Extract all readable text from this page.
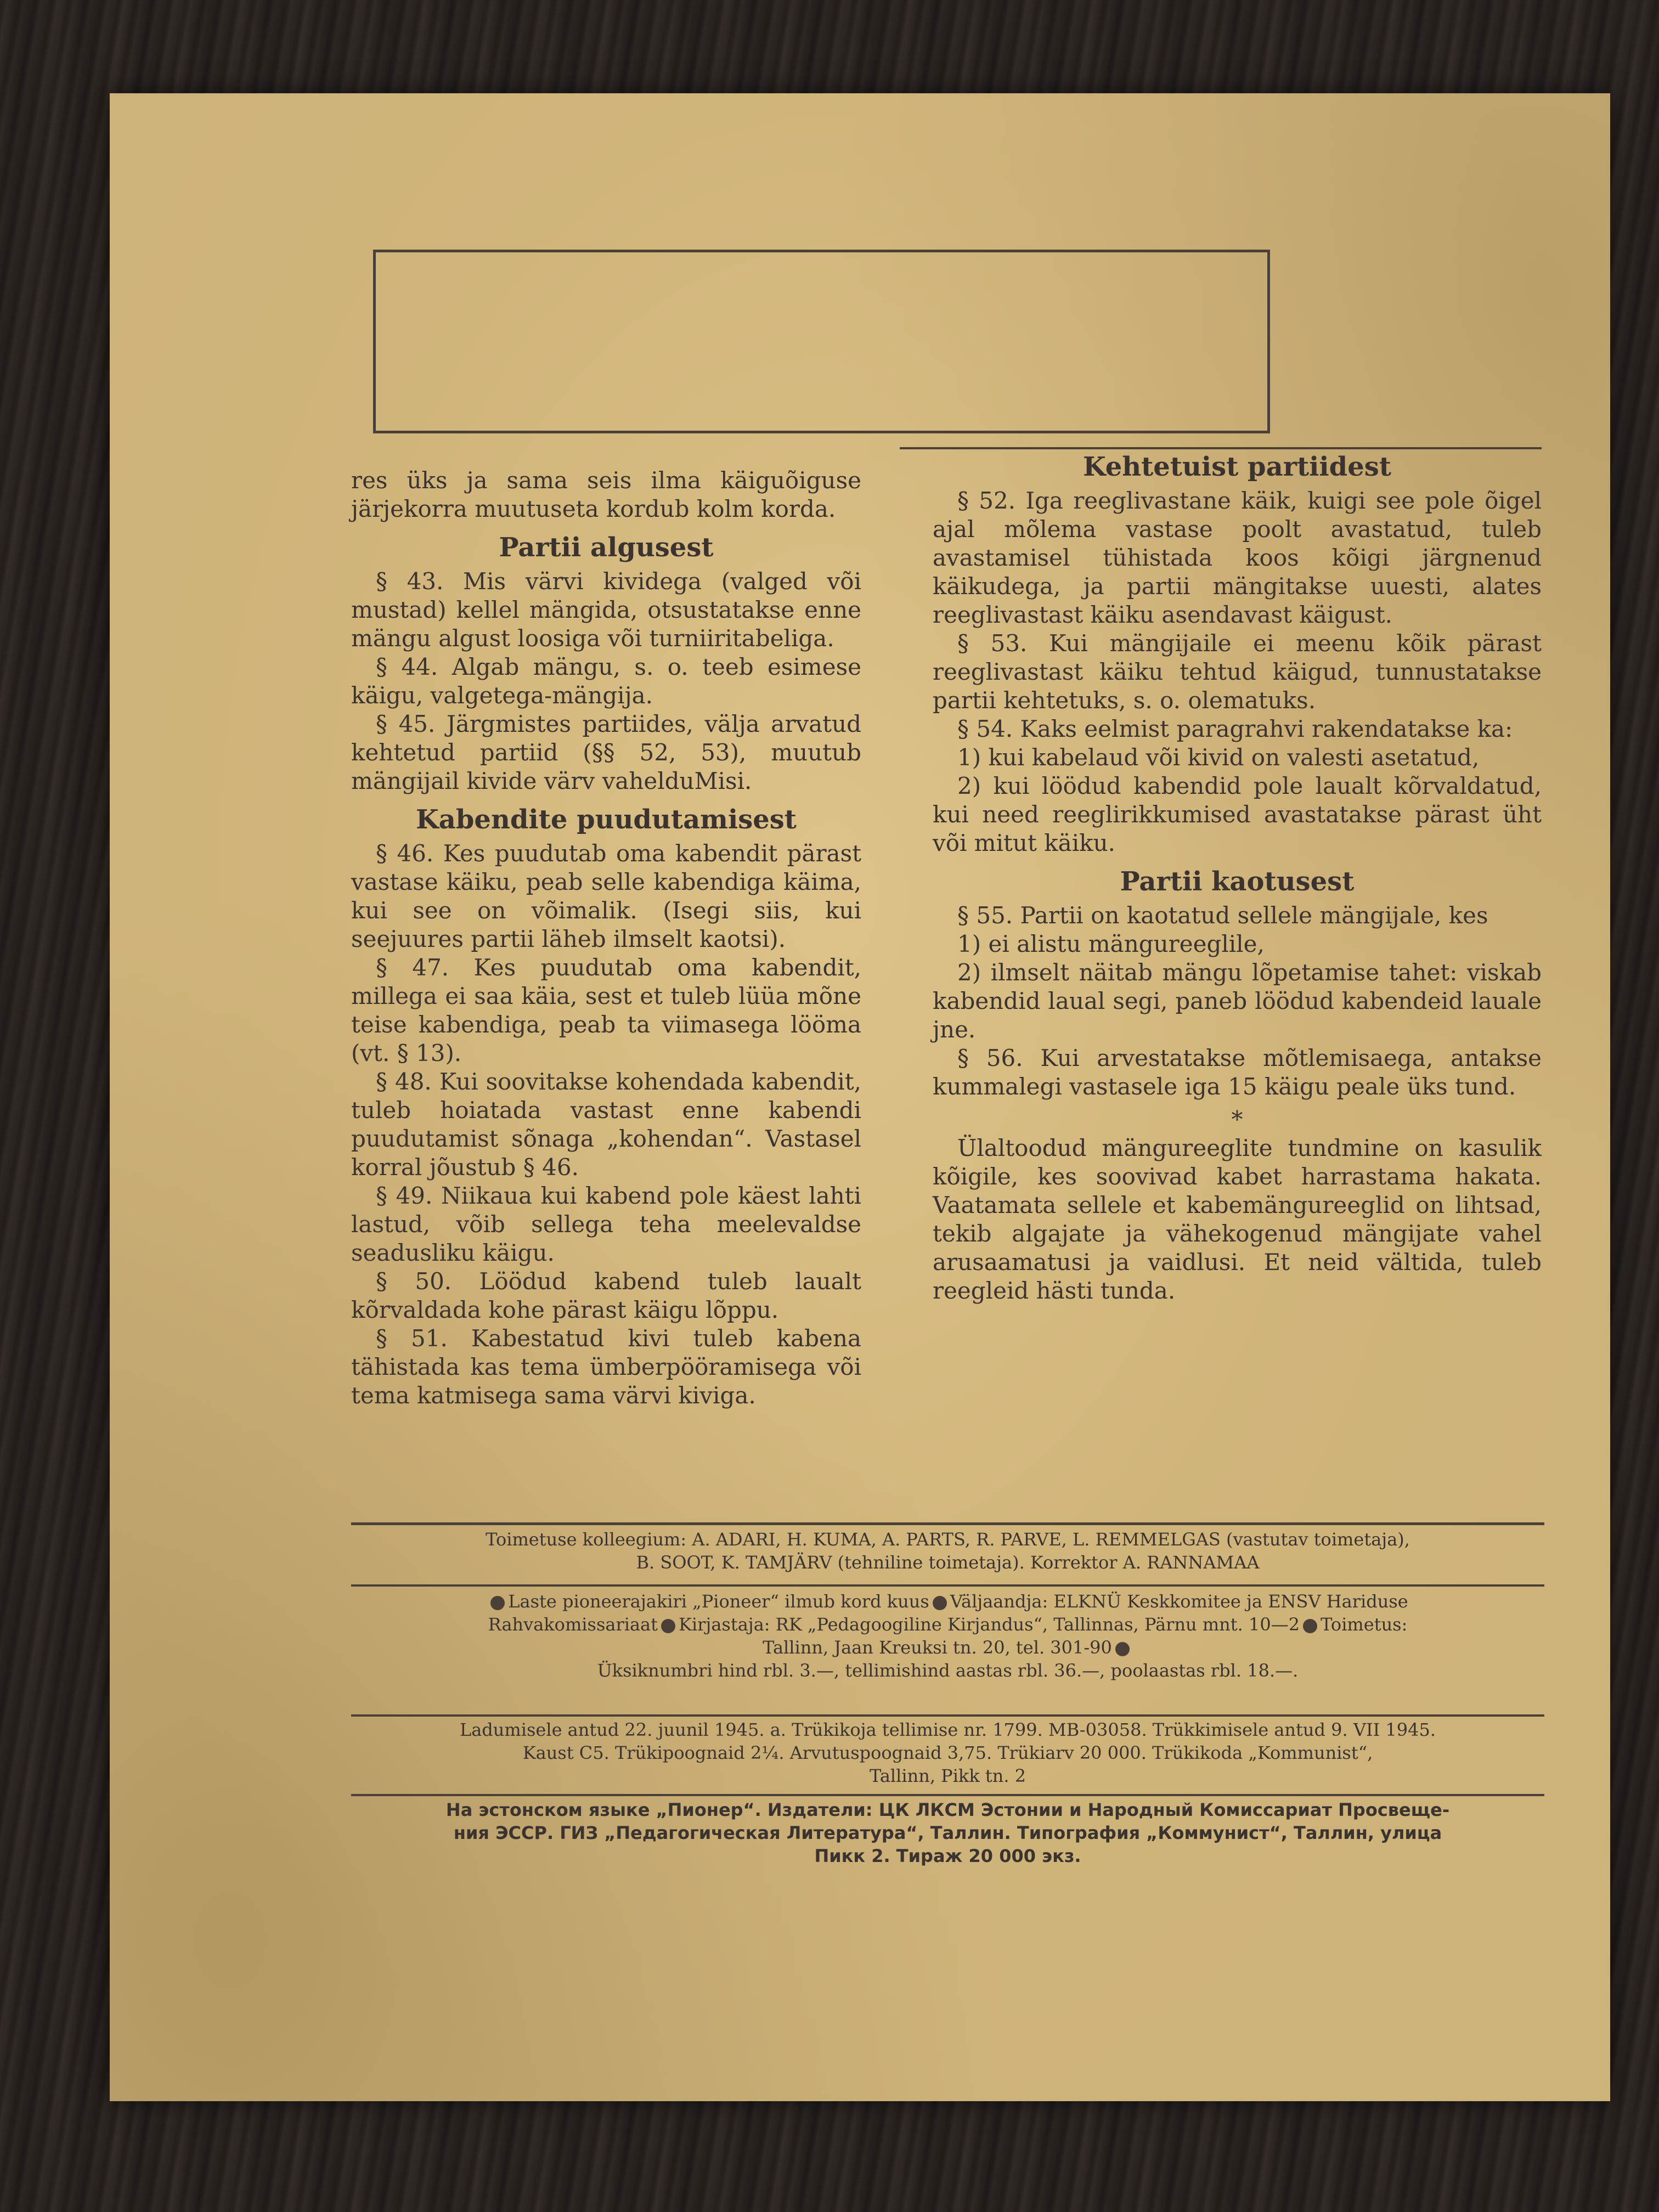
res üks ja sama seis ilma käiguõiguse järjekorra muutuseta kordub kolm korda.

Partii algusest

§ 43. Mis värvi kividega (valged või mustad) kellel mängida, otsustatakse enne mängu algust loosiga või turniiritabeliga.

§ 44. Algab mängu, s. o. teeb esimese käigu, valgetega-mängija.

§ 45. Järgmistes partiides, välja arvatud kehtetud partiid (§§ 52, 53), muutub mängijail kivide värv vahelduMisi.

Kabendite puudutamisest

§ 46. Kes puudutab oma kabendit pärast vastase käiku, peab selle kabendiga käima, kui see on võimalik. (Isegi siis, kui seejuures partii läheb ilmselt kaotsi).

§ 47. Kes puudutab oma kabendit, millega ei saa käia, sest et tuleb lüüa mõne teise kabendiga, peab ta viimasega lööma (vt. § 13).

§ 48. Kui soovitakse kohendada kabendit, tuleb hoiatada vastast enne kabendi puudutamist sõnaga „kohendan“. Vastasel korral jõustub § 46.

§ 49. Niikaua kui kabend pole käest lahti lastud, võib sellega teha meelevaldse seadusliku käigu.

§ 50. Löödud kabend tuleb laualt kõrvaldada kohe pärast käigu lõppu.

§ 51. Kabestatud kivi tuleb kabena tähistada kas tema ümberpööramisega või tema katmisega sama värvi kiviga.

Kehtetuist partiidest

§ 52. Iga reeglivastane käik, kuigi see pole õigel ajal mõlema vastase poolt avastatud, tuleb avastamisel tühistada koos kõigi järgnenud käikudega, ja partii mängitakse uuesti, alates reeglivastast käiku asendavast käigust.

§ 53. Kui mängijaile ei meenu kõik pärast reeglivastast käiku tehtud käigud, tunnustatakse partii kehtetuks, s. o. olematuks.

§ 54. Kaks eelmist paragrahvi rakendatakse ka:

1) kui kabelaud või kivid on valesti asetatud,

2) kui löödud kabendid pole laualt kõrvaldatud, kui need reeglirikkumised avastatakse pärast üht või mitut käiku.

Partii kaotusest

§ 55. Partii on kaotatud sellele mängijale, kes

1) ei alistu mängureeglile,

2) ilmselt näitab mängu lõpetamise tahet: viskab kabendid laual segi, paneb löödud kabendeid lauale jne.

§ 56. Kui arvestatakse mõtlemisaega, antakse kummalegi vastasele iga 15 käigu peale üks tund.

*

Ülaltoodud mängureeglite tundmine on kasulik kõigile, kes soovivad kabet harrastama hakata. Vaatamata sellele et kabemängureeglid on lihtsad, tekib algajate ja vähekogenud mängijate vahel arusaamatusi ja vaidlusi. Et neid vältida, tuleb reegleid hästi tunda.

Toimetuse kolleegium: A. ADARI, H. KUMA, A. PARTS, R. PARVE, L. REMMELGAS (vastutav toimetaja),

B. SOOT, K. TAMJÄRV (tehniline toimetaja). Korrektor A. RANNAMAA

Laste pioneerajakiri „Pioneer“ ilmub kord kuus Väljaandja: ELKNÜ Keskkomitee ja ENSV Hariduse

Rahvakomissariaat Kirjastaja: RK „Pedagoogiline Kirjandus“, Tallinnas, Pärnu mnt. 10—2 Toimetus:

Tallinn, Jaan Kreuksi tn. 20, tel. 301-90

Üksiknumbri hind rbl. 3.—, tellimishind aastas rbl. 36.—, poolaastas rbl. 18.—.

Ladumisele antud 22. juunil 1945. a. Trükikoja tellimise nr. 1799. MB-03058. Trükkimisele antud 9. VII 1945.

Kaust C5. Trükipoognaid 2¼. Arvutuspoognaid 3,75. Trükiarv 20 000. Trükikoda „Kommunist“,

Tallinn, Pikk tn. 2

На эстонском языке „Пионер“. Издатели: ЦК ЛКСМ Эстонии и Народный Комиссариат Просвеще-

ния ЭССР. ГИЗ „Педагогическая Литература“, Таллин. Типография „Коммунист“, Таллин, улица

Пикк 2. Тираж 20 000 экз.
